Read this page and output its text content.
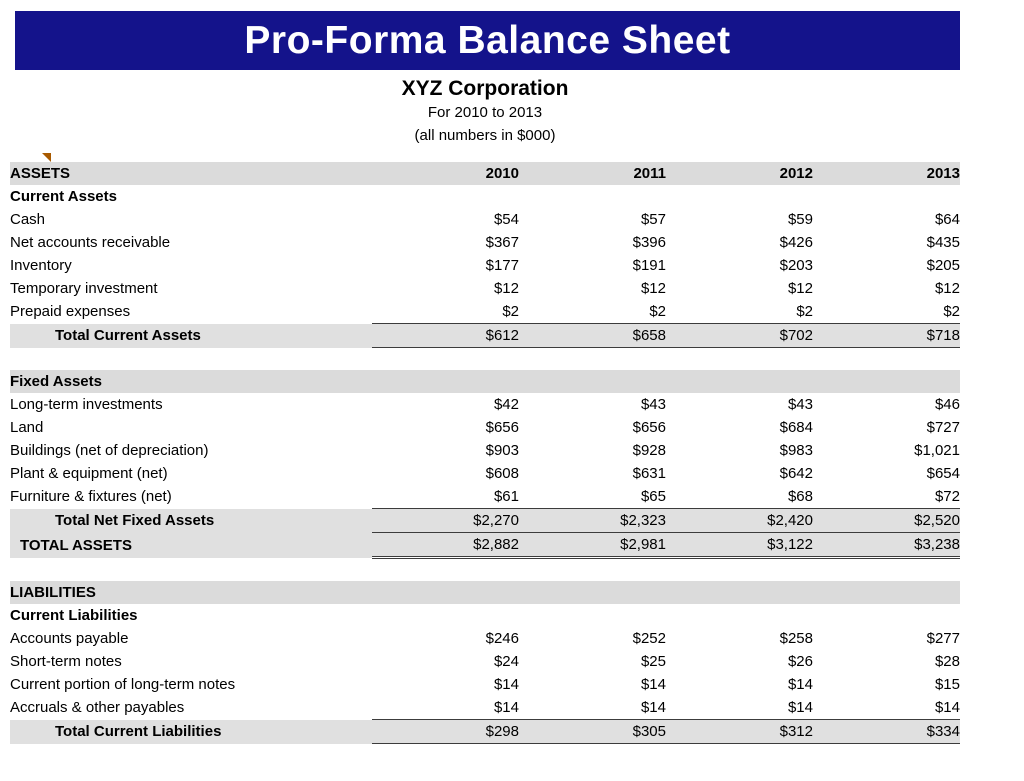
Pro-Forma Balance Sheet
XYZ Corporation
For 2010 to 2013
(all numbers in $000)
ASSETS	2010	2011	2012	2013
Current Assets				
Cash	$54	$57	$59	$64
Net accounts receivable	$367	$396	$426	$435
Inventory	$177	$191	$203	$205
Temporary investment	$12	$12	$12	$12
Prepaid expenses	$2	$2	$2	$2
Total Current Assets	$612	$658	$702	$718

Fixed Assets				
Long-term investments	$42	$43	$43	$46
Land	$656	$656	$684	$727
Buildings (net of depreciation)	$903	$928	$983	$1,021
Plant & equipment (net)	$608	$631	$642	$654
Furniture & fixtures (net)	$61	$65	$68	$72
Total Net Fixed Assets	$2,270	$2,323	$2,420	$2,520
TOTAL ASSETS	$2,882	$2,981	$3,122	$3,238

LIABILITIES				
Current Liabilities				
Accounts payable	$246	$252	$258	$277
Short-term notes	$24	$25	$26	$28
Current portion of long-term notes	$14	$14	$14	$15
Accruals & other payables	$14	$14	$14	$14
Total Current Liabilities	$298	$305	$312	$334
